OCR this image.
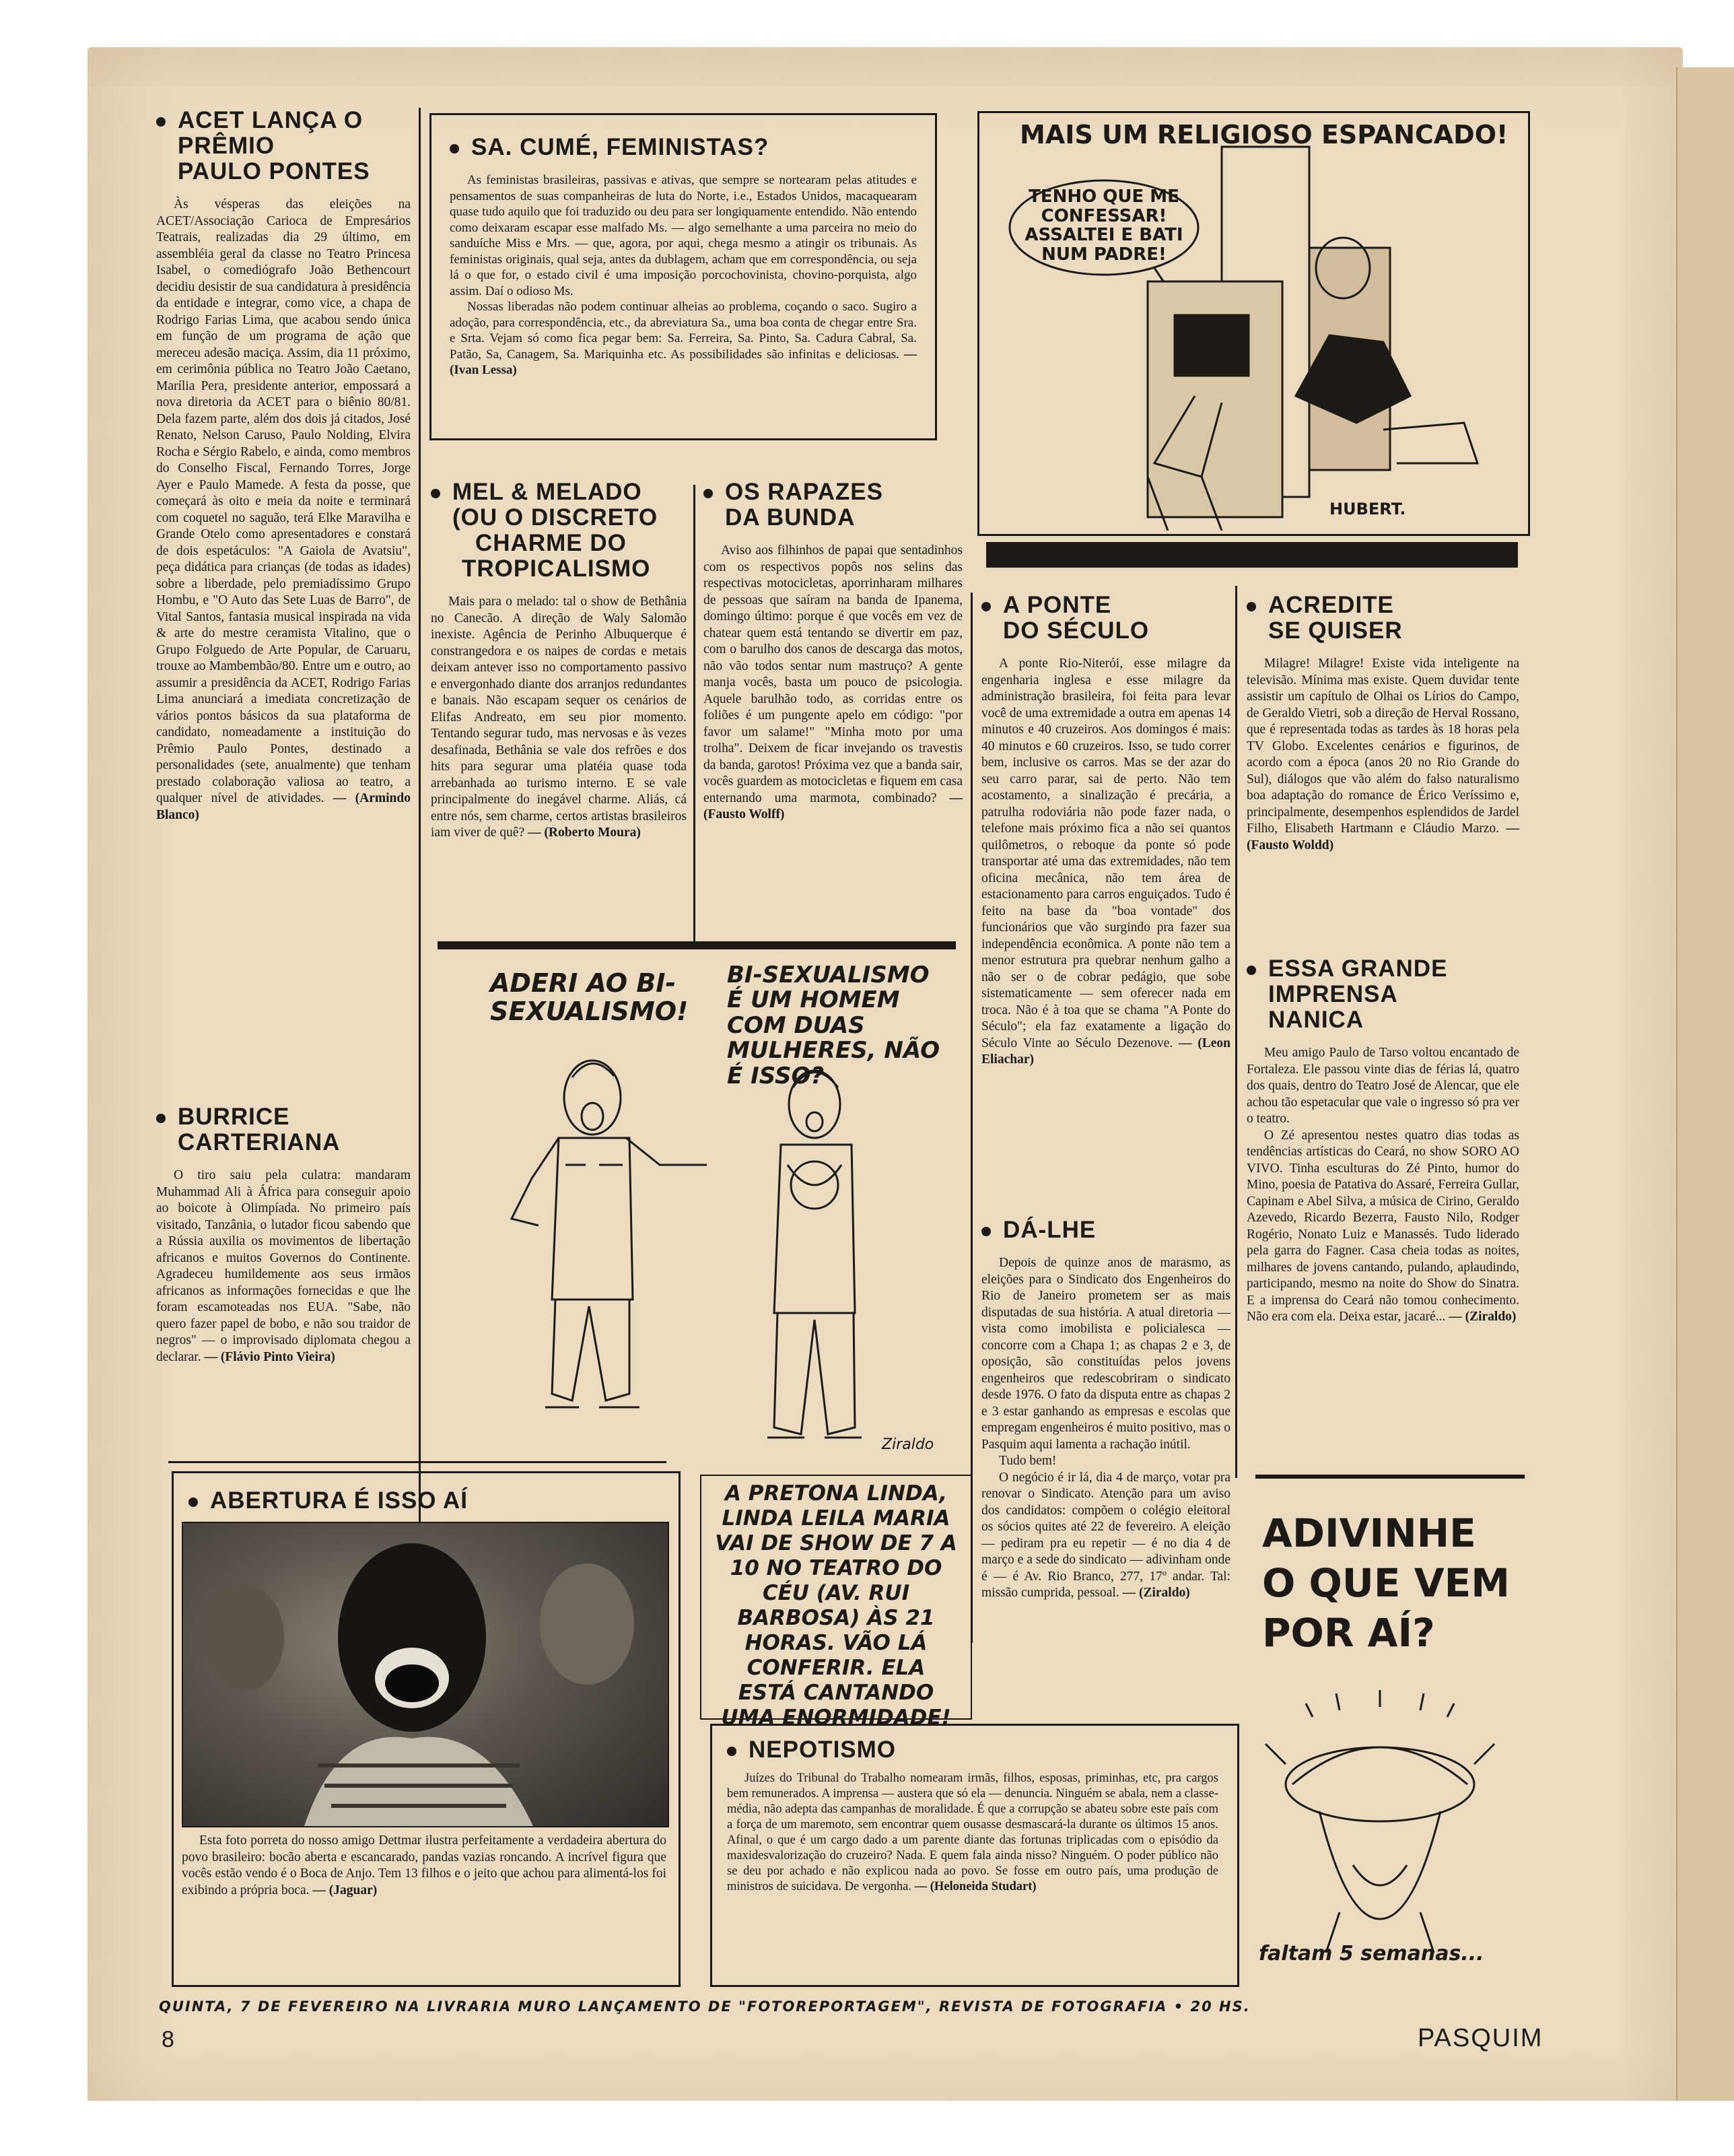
ACET LANÇA O
PRÊMIO
PAULO PONTES
Às vésperas das eleições na ACET/Associação Carioca de Empresários Teatrais, realizadas dia 29 último, em assembléia geral da classe no Teatro Princesa Isabel, o comediógrafo João Bethencourt decidiu desistir de sua candidatura à presidência da entidade e integrar, como vice, a chapa de Rodrigo Farias Lima, que acabou sendo única em função de um programa de ação que mereceu adesão maciça. Assim, dia 11 próximo, em cerimônia pública no Teatro João Caetano, Marília Pera, presidente anterior, empossará a nova diretoria da ACET para o biênio 80/81. Dela fazem parte, além dos dois já citados, José Renato, Nelson Caruso, Paulo Nolding, Elvira Rocha e Sérgio Rabelo, e ainda, como membros do Conselho Fiscal, Fernando Torres, Jorge Ayer e Paulo Mamede. A festa da posse, que começará às oito e meia da noite e terminará com coquetel no saguão, terá Elke Maravilha e Grande Otelo como apresentadores e constará de dois espetáculos: "A Gaiola de Avatsiu", peça didática para crianças (de todas as idades) sobre a liberdade, pelo premiadíssimo Grupo Hombu, e "O Auto das Sete Luas de Barro", de Vital Santos, fantasia musical inspirada na vida & arte do mestre ceramista Vitalino, que o Grupo Folguedo de Arte Popular, de Caruaru, trouxe ao Mambembão/80. Entre um e outro, ao assumir a presidência da ACET, Rodrigo Farias Lima anunciará a imediata concretização de vários pontos básicos da sua plataforma de candidato, nomeadamente a instituição do Prêmio Paulo Pontes, destinado a personalidades (sete, anualmente) que tenham prestado colaboração valiosa ao teatro, a qualquer nível de atividades. — (Armindo Blanco)
BURRICE
CARTERIANA
O tiro saiu pela culatra: mandaram Muhammad Ali à África para conseguir apoio ao boicote à Olimpíada. No primeiro país visitado, Tanzânia, o lutador ficou sabendo que a Rússia auxilia os movimentos de libertação africanos e muitos Governos do Continente. Agradeceu humildemente aos seus irmãos africanos as informações fornecidas e que lhe foram escamoteadas nos EUA. "Sabe, não quero fazer papel de bobo, e não sou traidor de negros" — o improvisado diplomata chegou a declarar. — (Flávio Pinto Vieira)
SA. CUMÉ, FEMINISTAS?

As feministas brasileiras, passivas e ativas, que sempre se nortearam pelas atitudes e pensamentos de suas companheiras de luta do Norte, i.e., Estados Unidos, macaquearam quase tudo aquilo que foi traduzido ou deu para ser longiquamente entendido. Não entendo como deixaram escapar esse malfado Ms. — algo semelhante a uma parceira no meio do sanduíche Miss e Mrs. — que, agora, por aqui, chega mesmo a atingir os tribunais. As feministas originais, qual seja, antes da dublagem, acham que em correspondência, ou seja lá o que for, o estado civil é uma imposição porcochovinista, chovino-porquista, algo assim. Daí o odioso Ms.

Nossas liberadas não podem continuar alheias ao problema, coçando o saco. Sugiro a adoção, para correspondência, etc., da abreviatura Sa., uma boa conta de chegar entre Sra. e Srta. Vejam só como fica pegar bem: Sa. Ferreira, Sa. Pinto, Sa. Cadura Cabral, Sa. Patão, Sa, Canagem, Sa. Mariquinha etc. As possibilidades são infinitas e deliciosas. — (Ivan Lessa)

MEL & MELADO
(OU O DISCRETO
CHARME DO
TROPICALISMO
Mais para o melado: tal o show de Bethânia no Canecão. A direção de Waly Salomão inexiste. Agência de Perinho Albuquerque é constrangedora e os naipes de cordas e metais deixam antever isso no comportamento passivo e envergonhado diante dos arranjos redundantes e banais. Não escapam sequer os cenários de Elifas Andreato, em seu pior momento. Tentando segurar tudo, mas nervosas e às vezes desafinada, Bethânia se vale dos refrões e dos hits para segurar uma platéia quase toda arrebanhada ao turismo interno. E se vale principalmente do inegável charme. Aliás, cá entre nós, sem charme, certos artistas brasileiros iam viver de quê? — (Roberto Moura)
OS RAPAZES
DA BUNDA
Aviso aos filhinhos de papai que sentadinhos com os respectivos popôs nos selins das respectivas motocicletas, aporrinharam milhares de pessoas que saíram na banda de Ipanema, domingo último: porque é que vocês em vez de chatear quem está tentando se divertir em paz, com o barulho dos canos de descarga das motos, não vão todos sentar num mastruço? A gente manja vocês, basta um pouco de psicologia. Aquele barulhão todo, as corridas entre os foliões é um pungente apelo em código: "por favor um salame!" "Minha moto por uma trolha". Deixem de ficar invejando os travestis da banda, garotos! Próxima vez que a banda sair, vocês guardem as motocicletas e fiquem em casa enternando uma marmota, combinado? — (Fausto Wolff)
ADERI AO BI-SEXUALISMO!
BI-SEXUALISMO É UM HOMEM COM DUAS MULHERES, NÃO É ISSO?
Ziraldo
MAIS UM RELIGIOSO ESPANCADO!
TENHO QUE ME CONFESSAR! ASSALTEI E BATI NUM PADRE!
HUBERT.
A PONTE
DO SÉCULO
A ponte Rio-Niterói, esse milagre da engenharia inglesa e esse milagre da administração brasileira, foi feita para levar você de uma extremidade a outra em apenas 14 minutos e 40 cruzeiros. Aos domingos é mais: 40 minutos e 60 cruzeiros. Isso, se tudo correr bem, inclusive os carros. Mas se der azar do seu carro parar, sai de perto. Não tem acostamento, a sinalização é precária, a patrulha rodoviária não pode fazer nada, o telefone mais próximo fica a não sei quantos quilômetros, o reboque da ponte só pode transportar até uma das extremidades, não tem oficina mecânica, não tem área de estacionamento para carros enguiçados. Tudo é feito na base da "boa vontade" dos funcionários que vão surgindo pra fazer sua independência econômica. A ponte não tem a menor estrutura pra quebrar nenhum galho a não ser o de cobrar pedágio, que sobe sistematicamente — sem oferecer nada em troca. Não é à toa que se chama "A Ponte do Século"; ela faz exatamente a ligação do Século Vinte ao Século Dezenove. — (Leon Eliachar)
DÁ-LHE

Depois de quinze anos de marasmo, as eleições para o Sindicato dos Engenheiros do Rio de Janeiro prometem ser as mais disputadas de sua história. A atual diretoria — vista como imobilista e policialesca — concorre com a Chapa 1; as chapas 2 e 3, de oposição, são constituídas pelos jovens engenheiros que redescobriram o sindicato desde 1976. O fato da disputa entre as chapas 2 e 3 estar ganhando as empresas e escolas que empregam engenheiros é muito positivo, mas o Pasquim aqui lamenta a rachação inútil.

Tudo bem!

O negócio é ir lá, dia 4 de março, votar pra renovar o Sindicato. Atenção para um aviso dos candidatos: compõem o colégio eleitoral os sócios quites até 22 de fevereiro. A eleição — pediram pra eu repetir — é no dia 4 de março e a sede do sindicato — adivinham onde é — é Av. Rio Branco, 277, 17º andar. Tal: missão cumprida, pessoal. — (Ziraldo)

ACREDITE
SE QUISER
Milagre! Milagre! Existe vida inteligente na televisão. Mínima mas existe. Quem duvidar tente assistir um capítulo de Olhai os Lírios do Campo, de Geraldo Vietri, sob a direção de Herval Rossano, que é representada todas as tardes às 18 horas pela TV Globo. Excelentes cenários e figurinos, de acordo com a época (anos 20 no Rio Grande do Sul), diálogos que vão além do falso naturalismo boa adaptação do romance de Érico Veríssimo e, principalmente, desempenhos esplendidos de Jardel Filho, Elisabeth Hartmann e Cláudio Marzo. — (Fausto Woldd)
ESSA GRANDE
IMPRENSA
NANICA

Meu amigo Paulo de Tarso voltou encantado de Fortaleza. Ele passou vinte dias de férias lá, quatro dos quais, dentro do Teatro José de Alencar, que ele achou tão espetacular que vale o ingresso só pra ver o teatro.

O Zé apresentou nestes quatro dias todas as tendências artísticas do Ceará, no show SORO AO VIVO. Tinha esculturas do Zé Pinto, humor do Mino, poesia de Patativa do Assaré, Ferreira Gullar, Capinam e Abel Silva, a música de Cirino, Geraldo Azevedo, Ricardo Bezerra, Fausto Nilo, Rodger Rogério, Nonato Luiz e Manassés. Tudo liderado pela garra do Fagner. Casa cheia todas as noites, milhares de jovens cantando, pulando, aplaudindo, participando, mesmo na noite do Show do Sinatra. E a imprensa do Ceará não tomou conhecimento. Não era com ela. Deixa estar, jacaré... — (Ziraldo)

ABERTURA É ISSO AÍ
Esta foto porreta do nosso amigo Dettmar ilustra perfeitamente a verdadeira abertura do povo brasileiro: bocão aberta e escancarado, pandas vazias roncando. A incrível figura que vocês estão vendo é o Boca de Anjo. Tem 13 filhos e o jeito que achou para alimentá-los foi exibindo a própria boca. — (Jaguar)
A PRETONA LINDA, LINDA LEILA MARIA VAI DE SHOW DE 7 A 10 NO TEATRO DO CÉU (AV. RUI BARBOSA) ÀS 21 HORAS. VÃO LÁ CONFERIR. ELA ESTÁ CANTANDO UMA ENORMIDADE!
NEPOTISMO
Juízes do Tribunal do Trabalho nomearam irmãs, filhos, esposas, priminhas, etc, pra cargos bem remunerados. A imprensa — austera que só ela — denuncia. Ninguém se abala, nem a classe-média, não adepta das campanhas de moralidade. É que a corrupção se abateu sobre este país com a força de um maremoto, sem encontrar quem ousasse desmascará-la durante os últimos 15 anos. Afinal, o que é um cargo dado a um parente diante das fortunas triplicadas com o episódio da maxidesvalorização do cruzeiro? Nada. E quem fala ainda nisso? Ninguém. O poder público não se deu por achado e não explicou nada ao povo. Se fosse em outro país, uma produção de ministros de suicidava. De vergonha. — (Heloneida Studart)
ADIVINHE O QUE VEM POR AÍ?
faltam 5 semanas...
QUINTA, 7 DE FEVEREIRO NA LIVRARIA MURO LANÇAMENTO DE "FOTOREPORTAGEM", REVISTA DE FOTOGRAFIA • 20 HS.
8	PASQUIM
